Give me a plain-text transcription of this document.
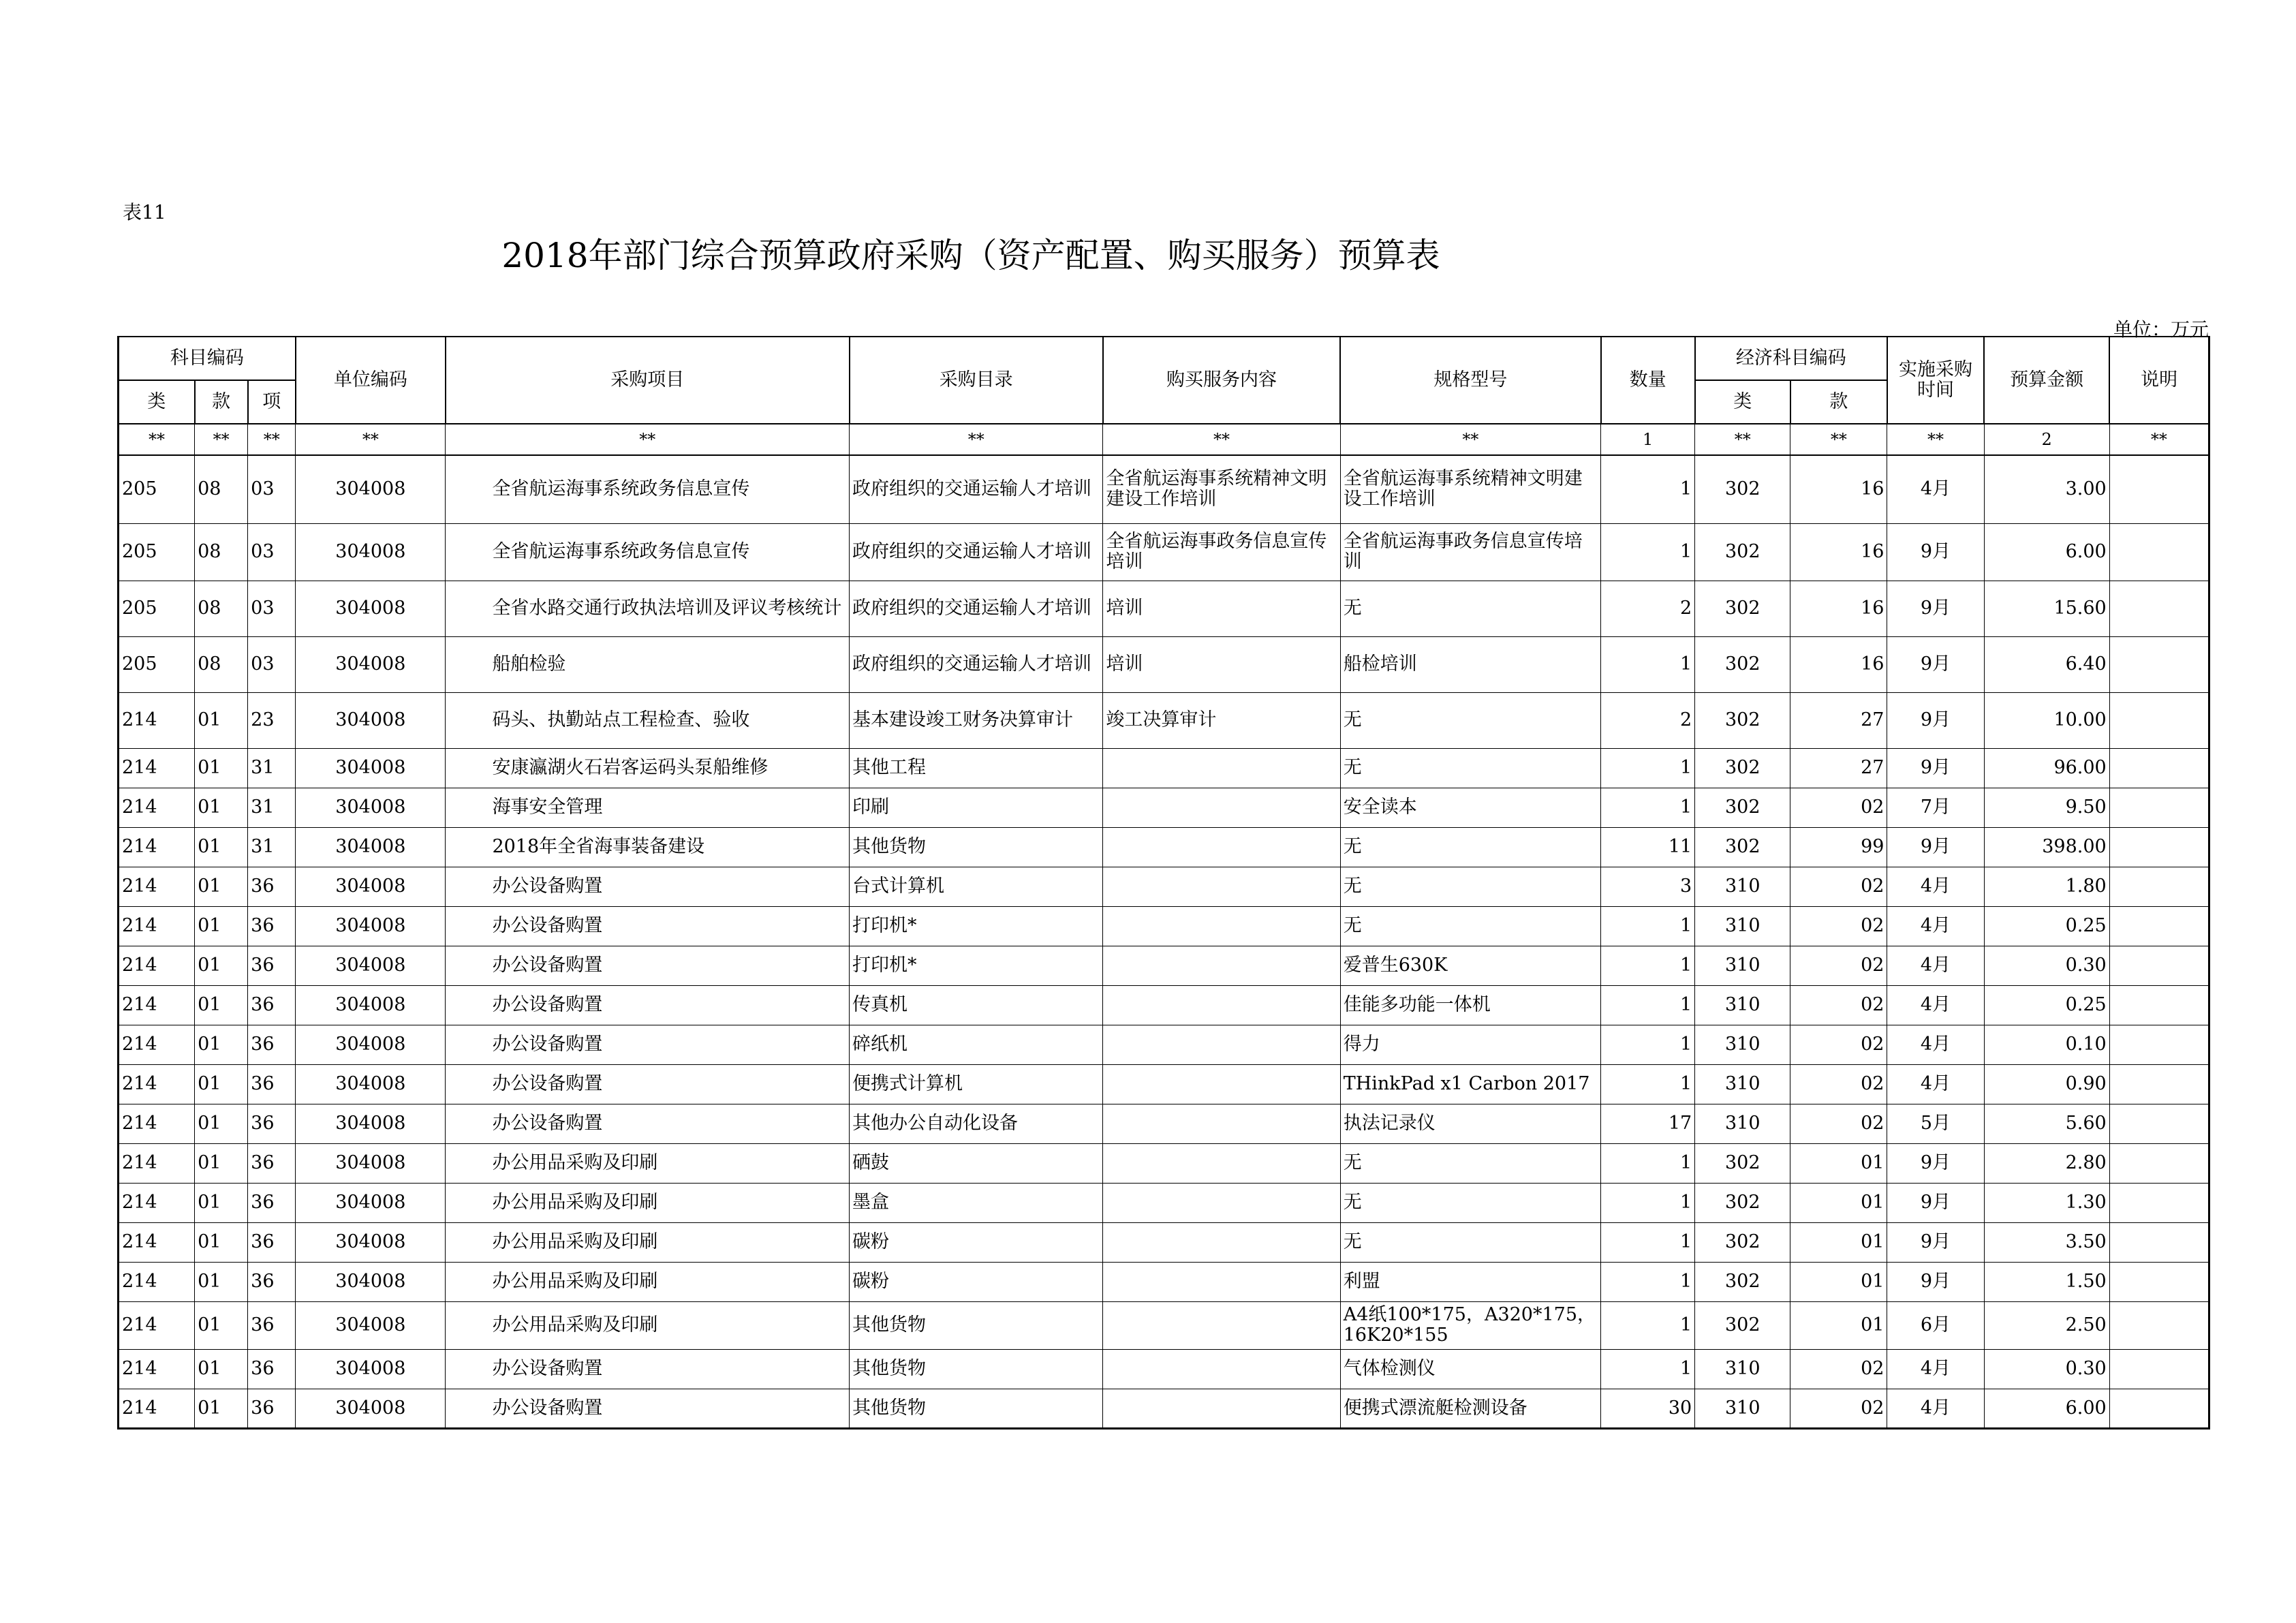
表11
2018年部门综合预算政府采购（资产配置、购买服务）预算表
单位：万元
科目编码			单位编码	采购项目	采购目录	购买服务内容	规格型号	数量	经济科目编码		实施采购时间	预算金额	说明
类	款	项							类	款			
**	**	**	**	**	**	**	**	1	**	**	**	2	**
205	08	03	304008	全省航运海事系统政务信息宣传	政府组织的交通运输人才培训	全省航运海事系统精神文明建设工作培训	全省航运海事系统精神文明建设工作培训	1	302	16	4月	3.00	
205	08	03	304008	全省航运海事系统政务信息宣传	政府组织的交通运输人才培训	全省航运海事政务信息宣传培训	全省航运海事政务信息宣传培训	1	302	16	9月	6.00	
205	08	03	304008	全省水路交通行政执法培训及评议考核统计	政府组织的交通运输人才培训	培训	无	2	302	16	9月	15.60	
205	08	03	304008	船舶检验	政府组织的交通运输人才培训	培训	船检培训	1	302	16	9月	6.40	
214	01	23	304008	码头、执勤站点工程检查、验收	基本建设竣工财务决算审计	竣工决算审计	无	2	302	27	9月	10.00	
214	01	31	304008	安康瀛湖火石岩客运码头泵船维修	其他工程		无	1	302	27	9月	96.00	
214	01	31	304008	海事安全管理	印刷		安全读本	1	302	02	7月	9.50	
214	01	31	304008	2018年全省海事装备建设	其他货物		无	11	302	99	9月	398.00	
214	01	36	304008	办公设备购置	台式计算机		无	3	310	02	4月	1.80	
214	01	36	304008	办公设备购置	打印机*		无	1	310	02	4月	0.25	
214	01	36	304008	办公设备购置	打印机*		爱普生630K	1	310	02	4月	0.30	
214	01	36	304008	办公设备购置	传真机		佳能多功能一体机	1	310	02	4月	0.25	
214	01	36	304008	办公设备购置	碎纸机		得力	1	310	02	4月	0.10	
214	01	36	304008	办公设备购置	便携式计算机		THinkPad x1 Carbon 2017	1	310	02	4月	0.90	
214	01	36	304008	办公设备购置	其他办公自动化设备		执法记录仪	17	310	02	5月	5.60	
214	01	36	304008	办公用品采购及印刷	硒鼓		无	1	302	01	9月	2.80	
214	01	36	304008	办公用品采购及印刷	墨盒		无	1	302	01	9月	1.30	
214	01	36	304008	办公用品采购及印刷	碳粉		无	1	302	01	9月	3.50	
214	01	36	304008	办公用品采购及印刷	碳粉		利盟	1	302	01	9月	1.50	
214	01	36	304008	办公用品采购及印刷	其他货物		A4纸100*175，A320*175，16K20*155	1	302	01	6月	2.50	
214	01	36	304008	办公设备购置	其他货物		气体检测仪	1	310	02	4月	0.30	
214	01	36	304008	办公设备购置	其他货物		便携式漂流艇检测设备	30	310	02	4月	6.00	
